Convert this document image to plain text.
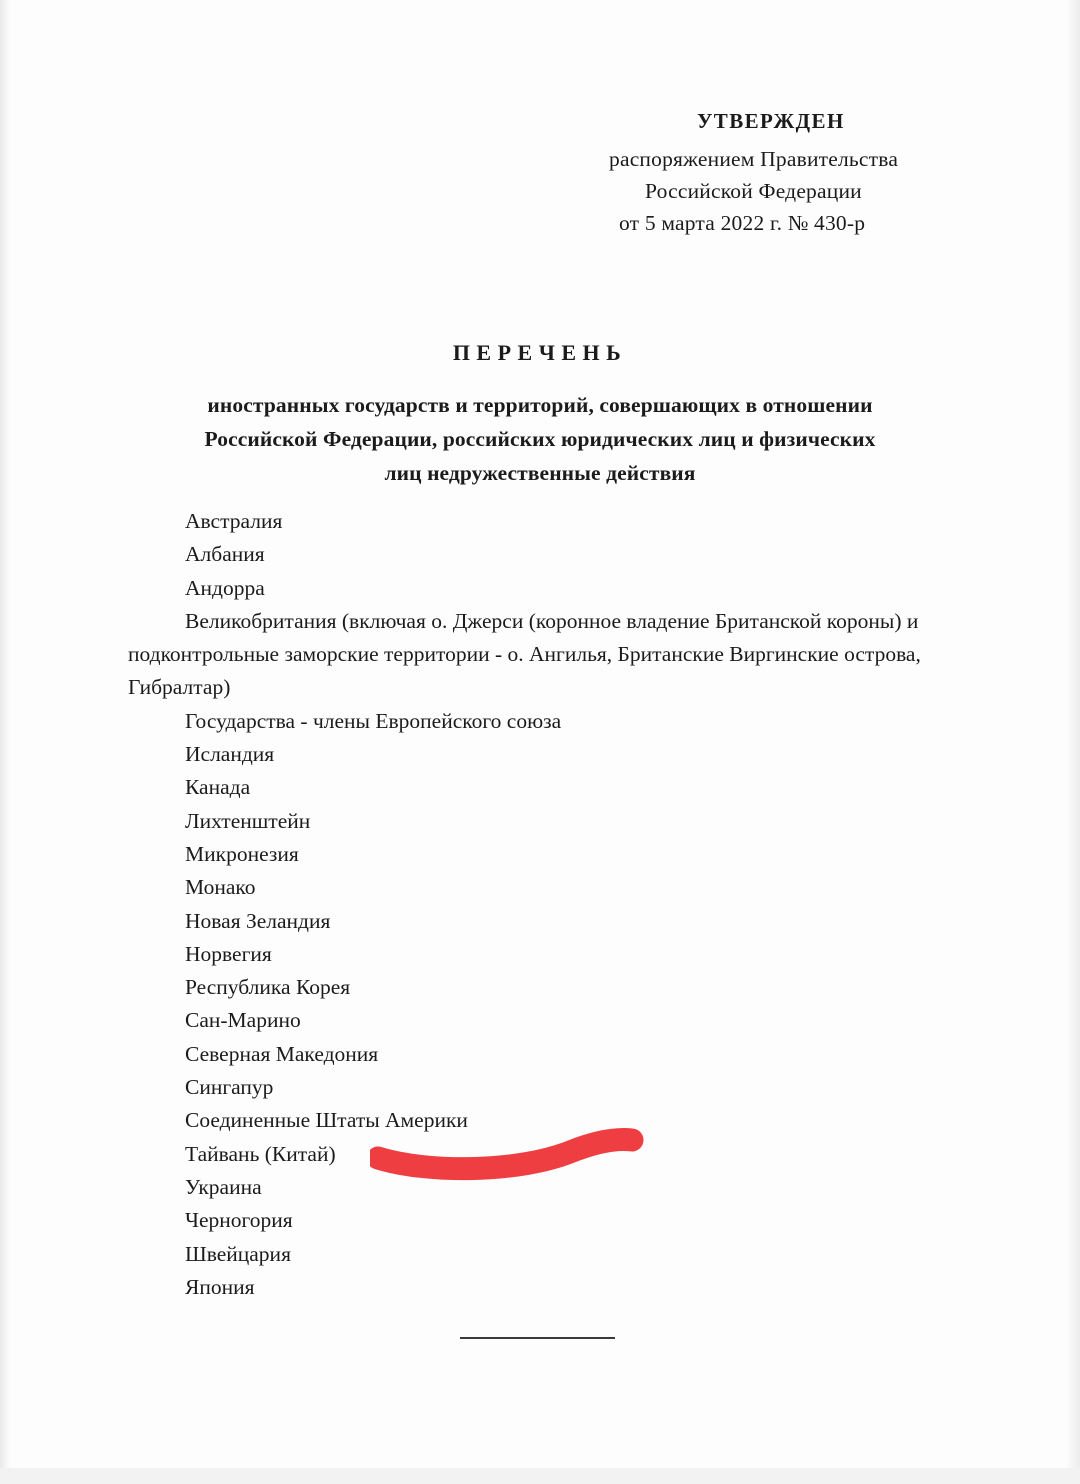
УТВЕРЖДЕН
распоряжением Правительства
Российской Федерации
от 5 марта 2022 г. № 430-р
ПЕРЕЧЕНЬ
иностранных государств и территорий, совершающих в отношении
Российской Федерации, российских юридических лиц и физических
лиц недружественные действия
Австралия
Албания
Андорра
Великобритания (включая о. Джерси (коронное владение Британской короны) и подконтрольные заморские территории - о. Ангилья, Британские Виргинские острова, Гибралтар)
Государства - члены Европейского союза
Исландия
Канада
Лихтенштейн
Микронезия
Монако
Новая Зеландия
Норвегия
Республика Корея
Сан-Марино
Северная Македония
Сингапур
Соединенные Штаты Америки
Тайвань (Китай)
Украина
Черногория
Швейцария
Япония
